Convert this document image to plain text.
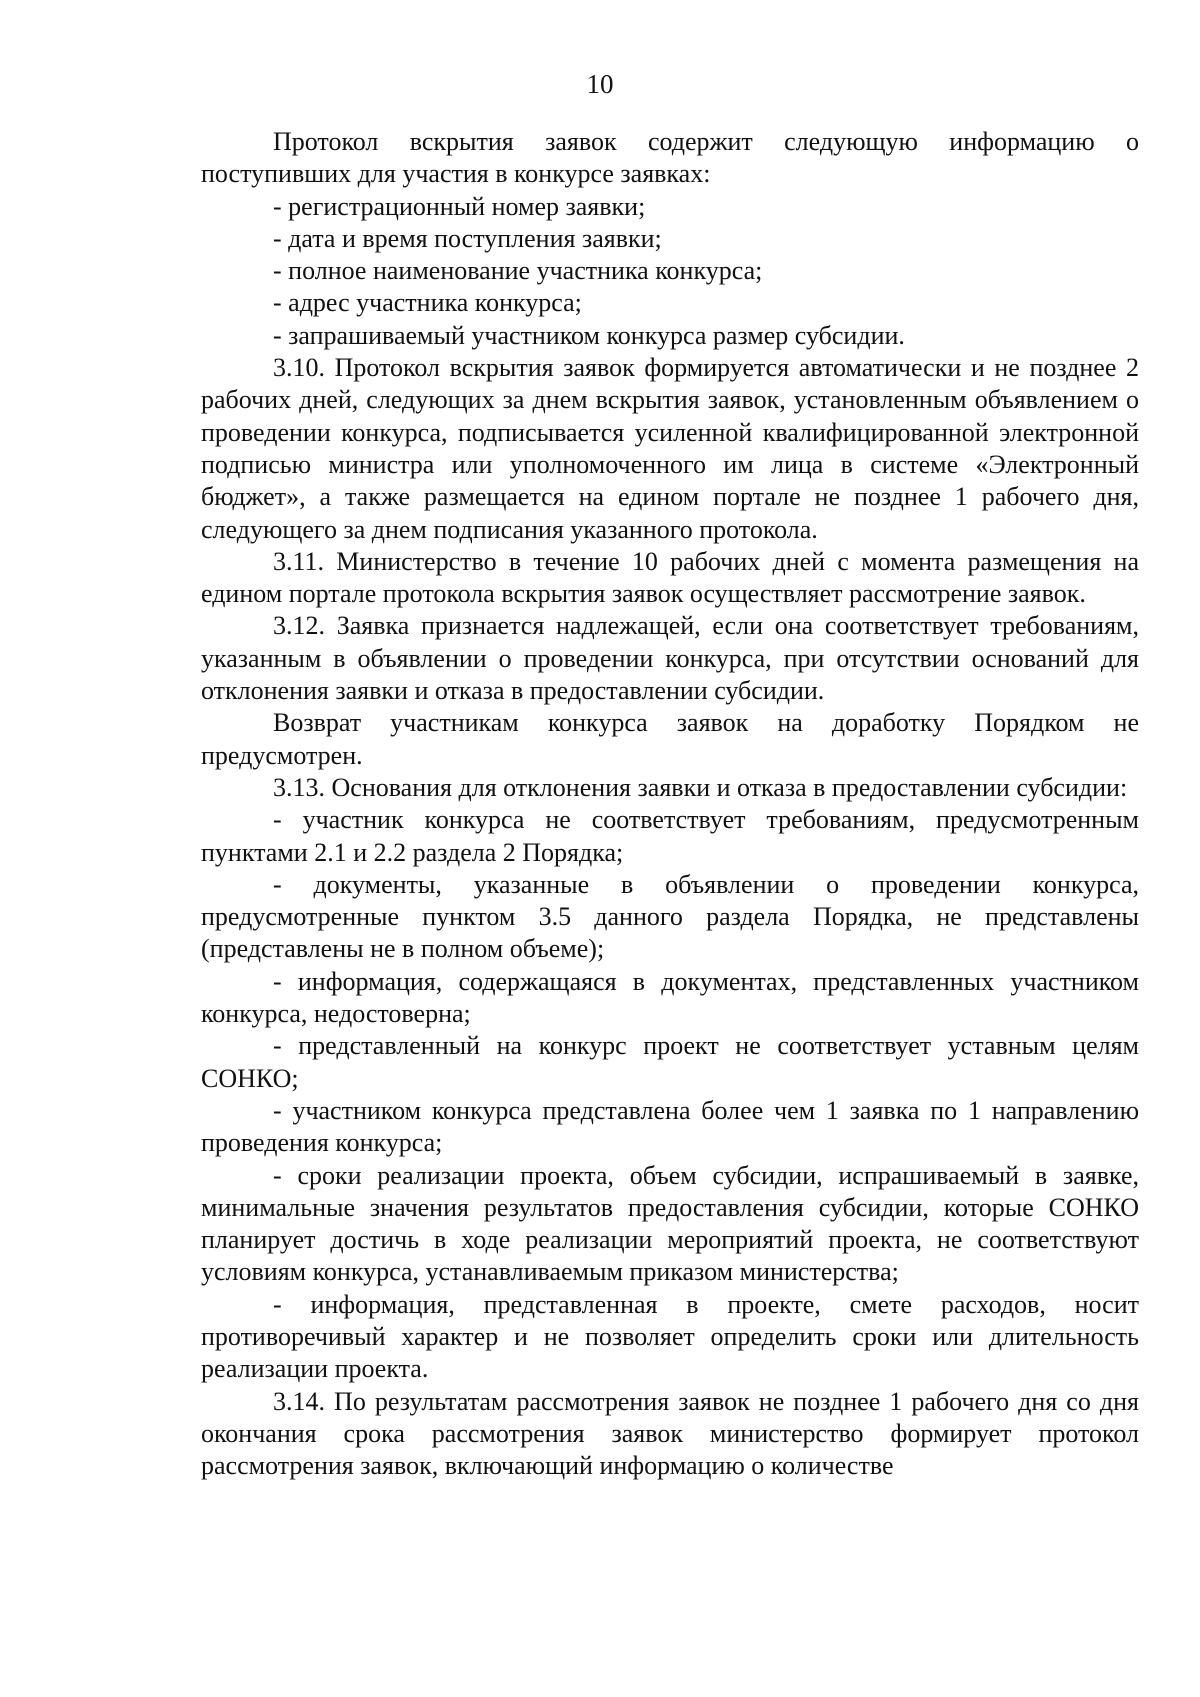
10

Протокол вскрытия заявок содержит следующую информацию о поступивших для участия в конкурсе заявках:

- регистрационный номер заявки;

- дата и время поступления заявки;

- полное наименование участника конкурса;

- адрес участника конкурса;

- запрашиваемый участником конкурса размер субсидии.

3.10. Протокол вскрытия заявок формируется автоматически и не позднее 2 рабочих дней, следующих за днем вскрытия заявок, установленным объявлением о проведении конкурса, подписывается усиленной квалифицированной электронной подписью министра или уполномоченного им лица в системе «Электронный бюджет», а также размещается на едином портале не позднее 1 рабочего дня, следующего за днем подписания указанного протокола.

3.11. Министерство в течение 10 рабочих дней с момента размещения на едином портале протокола вскрытия заявок осуществляет рассмотрение заявок.

3.12. Заявка признается надлежащей, если она соответствует требованиям, указанным в объявлении о проведении конкурса, при отсутствии оснований для отклонения заявки и отказа в предоставлении субсидии.

Возврат участникам конкурса заявок на доработку Порядком не предусмотрен.

3.13. Основания для отклонения заявки и отказа в предоставлении субсидии:

- участник конкурса не соответствует требованиям, предусмотренным пунктами 2.1 и 2.2 раздела 2 Порядка;

- документы, указанные в объявлении о проведении конкурса, предусмотренные пунктом 3.5 данного раздела Порядка, не представлены (представлены не в полном объеме);

- информация, содержащаяся в документах, представленных участником конкурса, недостоверна;

- представленный на конкурс проект не соответствует уставным целям СОНКО;

- участником конкурса представлена более чем 1 заявка по 1 направлению проведения конкурса;

- сроки реализации проекта, объем субсидии, испрашиваемый в заявке, минимальные значения результатов предоставления субсидии, которые СОНКО планирует достичь в ходе реализации мероприятий проекта, не соответствуют условиям конкурса, устанавливаемым приказом министерства;

- информация, представленная в проекте, смете расходов, носит противоречивый характер и не позволяет определить сроки или длительность реализации проекта.

3.14. По результатам рассмотрения заявок не позднее 1 рабочего дня со дня окончания срока рассмотрения заявок министерство формирует протокол рассмотрения заявок, включающий информацию о количестве
